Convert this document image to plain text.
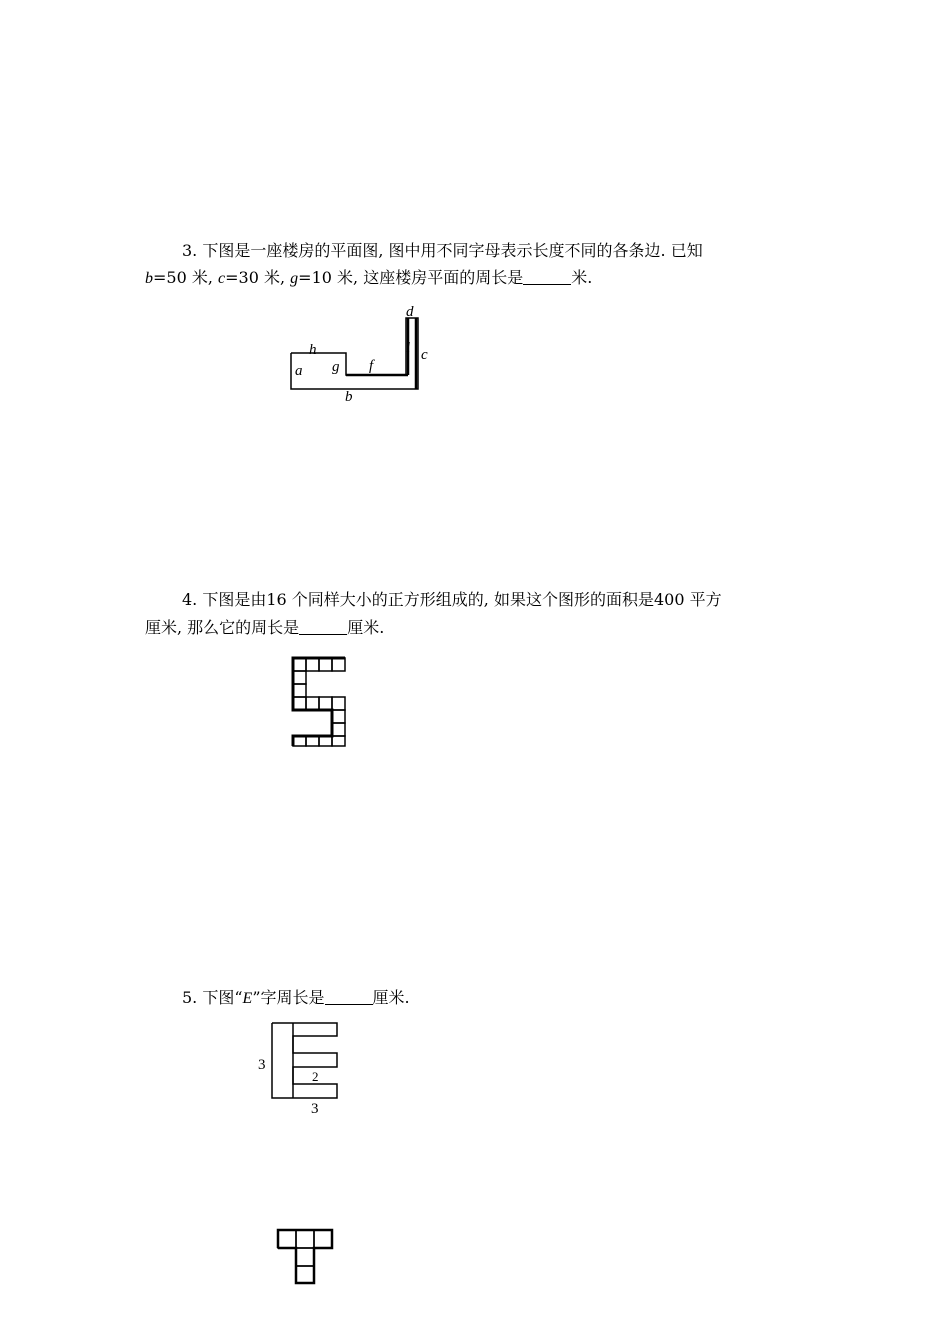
3. 下图是一座楼房的平面图, 图中用不同字母表示长度不同的各条边. 已知
b=50 米, c=30 米, g=10 米, 这座楼房平面的周长是	米.
d
h
a g f
l c
b
4. 下图是由16 个同样大小的正方形组成的, 如果这个图形的面积是400 平方
厘米, 那么它的周长是	厘米.
5. 下图“E”字周长是	厘米.
3
2
3
